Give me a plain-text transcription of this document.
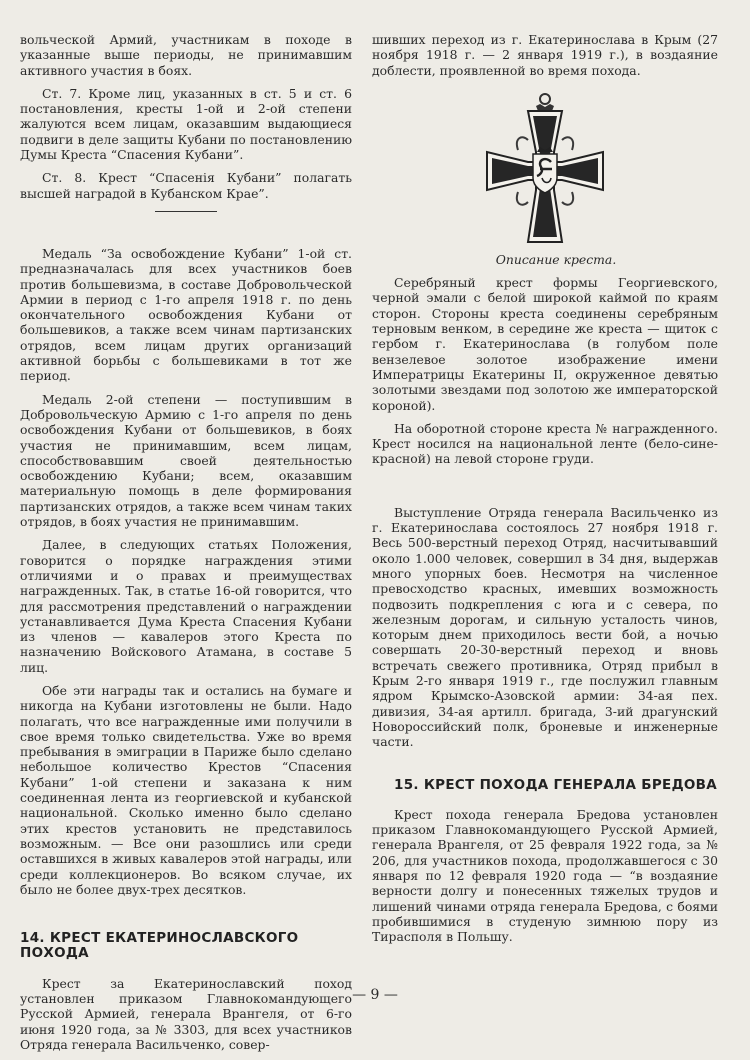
вольческой Армий, участникам в походе в указанные выше периоды, не принимавшим активного участия в боях.

Ст. 7. Кроме лиц, указанных в ст. 5 и ст. 6 постановления, кресты 1-ой и 2-ой степени жалуются всем лицам, оказавшим выдающиеся подвиги в деле защиты Кубани по постановлению Думы Креста “Спасения Кубани”.

Ст. 8. Крест “Спасенія Кубани” полагать высшей наградой в Кубанском Крае”.

Медаль “За освобождение Кубани” 1-ой ст. предназначалась для всех участников боев против большевизма, в составе Добровольческой Армии в период с 1-го апреля 1918 г. по день окончательного освобождения Кубани от большевиков, а также всем чинам партизанских отрядов, всем лицам других организаций активной борьбы с большевиками в тот же период.

Медаль 2-ой степени — поступившим в Добровольческую Армию с 1-го апреля по день освобождения Кубани от большевиков, в боях участия не принимавшим, всем лицам, способствовавшим своей деятельностью освобождению Кубани; всем, оказавшим материальную помощь в деле формирования партизанских отрядов, а также всем чинам таких отрядов, в боях участия не принимавшим.

Далее, в следующих статьях Положения, говорится о порядке награждения этими отличиями и о правах и преимуществах награжденных. Так, в статье 16-ой говорится, что для рассмотрения представлений о награждении устанавливается Дума Креста Спасения Кубани из членов — кавалеров этого Креста по назначению Войскового Атамана, в составе 5 лиц.

Обе эти награды так и остались на бумаге и никогда на Кубани изготовлены не были. Надо полагать, что все награжденные ими получили в свое время только свидетельства. Уже во время пребывания в эмиграции в Париже было сделано небольшое количество Крестов “Спасения Кубани” 1-ой степени и заказана к ним соединенная лента из георгиевской и кубанской национальной. Сколько именно было сделано этих крестов установить не представилось возможным. — Все они разошлись или среди оставшихся в живых кавалеров этой награды, или среди коллекционеров. Во всяком случае, их было не более двух-трех десятков.

14. КРЕСТ ЕКАТЕРИНОСЛАВСКОГО ПОХОДА

Крест за Екатеринославский поход установлен приказом Главнокомандующего Русской Армией, генерала Врангеля, от 6-го июня 1920 года, за № 3303, для всех участников Отряда генерала Васильченко, совер-

шивших переход из г. Екатеринослава в Крым (27 ноября 1918 г. — 2 января 1919 г.), в воздаяние доблести, проявленной во время похода.

Описание креста.

Серебряный крест формы Георгиевского, черной эмали с белой широкой каймой по краям сторон. Стороны креста соединены серебряным терновым венком, в середине же креста — щиток с гербом г. Екатеринослава (в голубом поле вензелевое золотое изображение имени Императрицы Екатерины II, окруженное девятью золотыми звездами под золотою же императорской короной).

На оборотной стороне креста № награжденного. Крест носился на национальной ленте (бело-сине-красной) на левой стороне груди.

Выступление Отряда генерала Васильченко из г. Екатеринослава состоялось 27 ноября 1918 г. Весь 500-верстный переход Отряд, насчитывавший около 1.000 человек, совершил в 34 дня, выдержав много упорных боев. Несмотря на численное превосходство красных, имевших возможность подвозить подкрепления с юга и с севера, по железным дорогам, и сильную усталость чинов, которым днем приходилось вести бой, а ночью совершать 20-30-верстный переход и вновь встречать свежего противника, Отряд прибыл в Крым 2-го января 1919 г., где послужил главным ядром Крымско-Азовской армии: 34-ая пех. дивизия, 34-ая артилл. бригада, 3-ий драгунский Новороссийский полк, броневые и инженерные части.

15. КРЕСТ ПОХОДА ГЕНЕРАЛА БРЕДОВА

Крест похода генерала Бредова установлен приказом Главнокомандующего Русской Армией, генерала Врангеля, от 25 февраля 1922 года, за № 206, для участников похода, продолжавшегося с 30 января по 12 февраля 1920 года — “в воздаяние верности долгу и понесенных тяжелых трудов и лишений чинами отряда генерала Бредова, с боями пробившимися в студеную зимнюю пору из Тирасполя в Польшу.

— 9 —
